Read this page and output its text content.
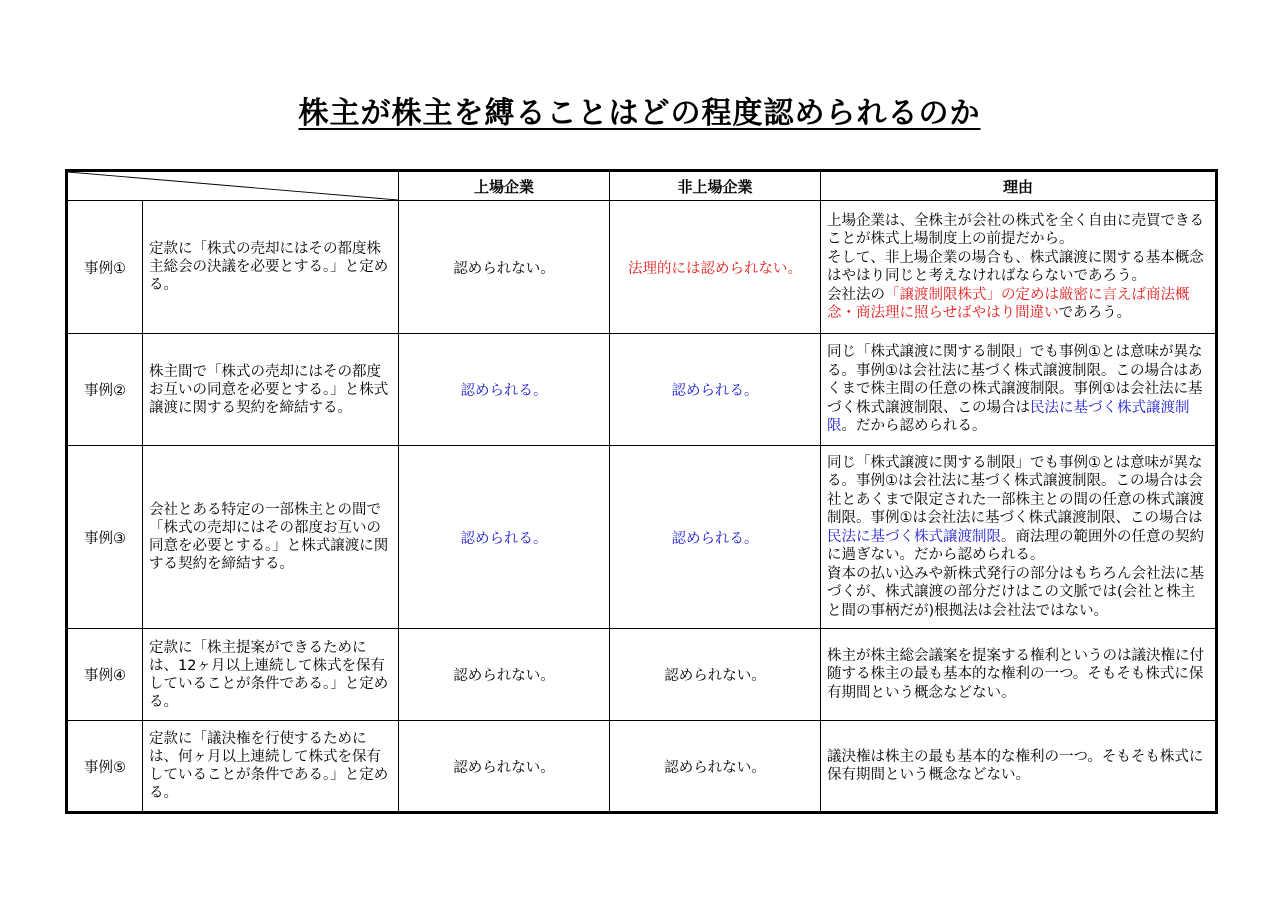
株主が株主を縛ることはどの程度認められるのか
	上場企業	非上場企業	理由
事例①	定款に「株式の売却にはその都度株主総会の決議を必要とする。」と定める。	認められない。	法理的には認められない。	上場企業は、全株主が会社の株式を全く自由に売買できることが株式上場制度上の前提だから。
そして、非上場企業の場合も、株式譲渡に関する基本概念はやはり同じと考えなければならないであろう。
会社法の「譲渡制限株式」の定めは厳密に言えば商法概念・商法理に照らせばやはり間違いであろう。
事例②	株主間で「株式の売却にはその都度お互いの同意を必要とする。」と株式譲渡に関する契約を締結する。	認められる。	認められる。	同じ「株式譲渡に関する制限」でも事例①とは意味が異なる。事例①は会社法に基づく株式譲渡制限。この場合はあくまで株主間の任意の株式譲渡制限。事例①は会社法に基づく株式譲渡制限、この場合は民法に基づく株式譲渡制限。だから認められる。
事例③	会社とある特定の一部株主との間で「株式の売却にはその都度お互いの同意を必要とする。」と株式譲渡に関する契約を締結する。	認められる。	認められる。	同じ「株式譲渡に関する制限」でも事例①とは意味が異なる。事例①は会社法に基づく株式譲渡制限。この場合は会社とあくまで限定された一部株主との間の任意の株式譲渡制限。事例①は会社法に基づく株式譲渡制限、この場合は民法に基づく株式譲渡制限。商法理の範囲外の任意の契約に過ぎない。だから認められる。
資本の払い込みや新株式発行の部分はもちろん会社法に基づくが、株式譲渡の部分だけはこの文脈では(会社と株主と間の事柄だが)根拠法は会社法ではない。
事例④	定款に「株主提案ができるためには、12ヶ月以上連続して株式を保有していることが条件である。」と定める。	認められない。	認められない。	株主が株主総会議案を提案する権利というのは議決権に付随する株主の最も基本的な権利の一つ。そもそも株式に保有期間という概念などない。
事例⑤	定款に「議決権を行使するためには、何ヶ月以上連続して株式を保有していることが条件である。」と定める。	認められない。	認められない。	議決権は株主の最も基本的な権利の一つ。そもそも株式に保有期間という概念などない。
